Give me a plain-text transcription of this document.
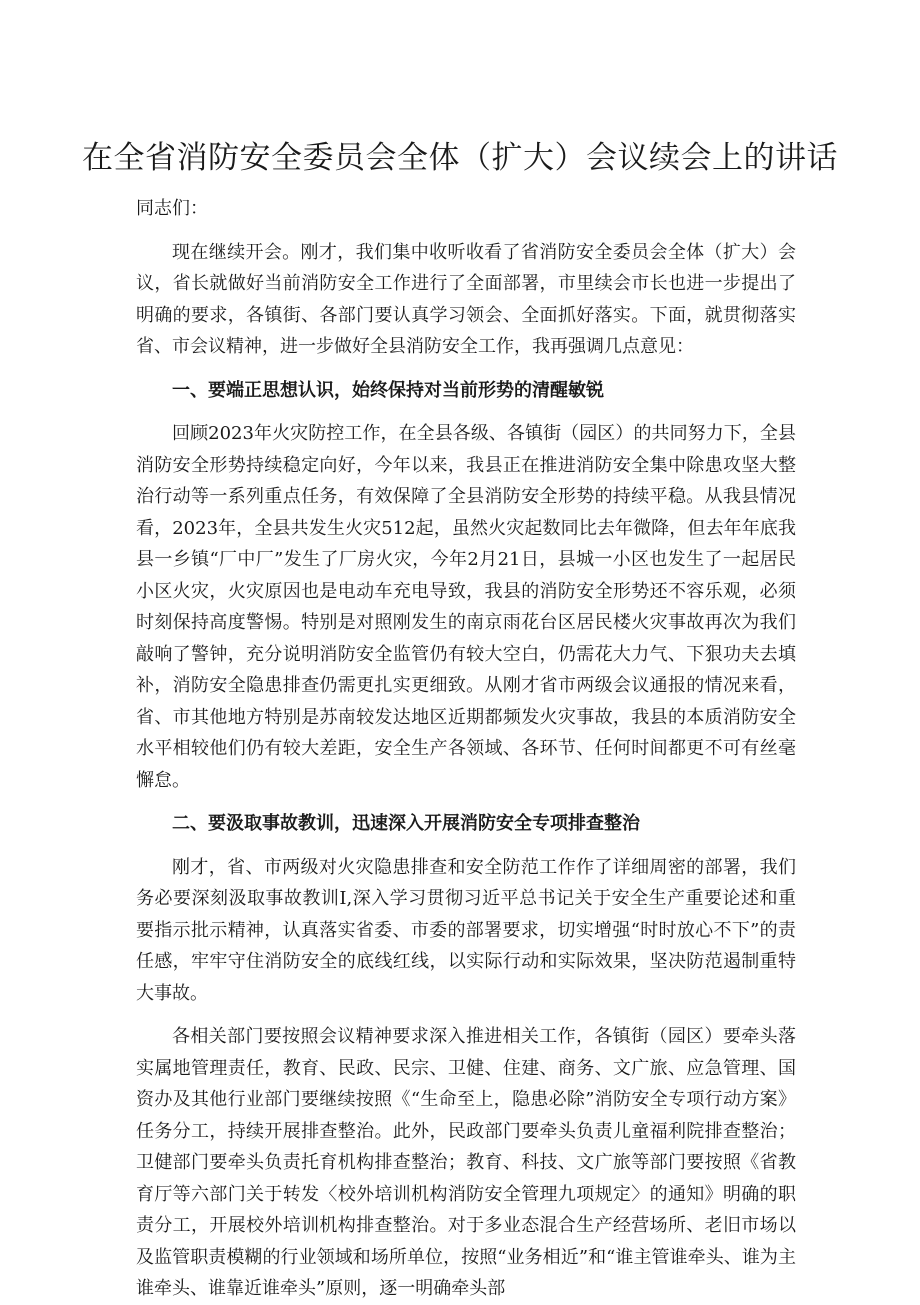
在全省消防安全委员会全体（扩大）会议续会上的讲话

同志们：

现在继续开会。刚才，我们集中收听收看了省消防安全委员会全体（扩大）会议，省长就做好当前消防安全工作进行了全面部署，市里续会市长也进一步提出了明确的要求，各镇街、各部门要认真学习领会、全面抓好落实。下面，就贯彻落实省、市会议精神，进一步做好全县消防安全工作，我再强调几点意见：

一、要端正思想认识，始终保持对当前形势的清醒敏锐

回顾2023年火灾防控工作，在全县各级、各镇街（园区）的共同努力下，全县消防安全形势持续稳定向好，今年以来，我县正在推进消防安全集中除患攻坚大整治行动等一系列重点任务，有效保障了全县消防安全形势的持续平稳。从我县情况看，2023年，全县共发生火灾512起，虽然火灾起数同比去年微降，但去年年底我县一乡镇“厂中厂”发生了厂房火灾，今年2月21日，县城一小区也发生了一起居民小区火灾，火灾原因也是电动车充电导致，我县的消防安全形势还不容乐观，必须时刻保持高度警惕。特别是对照刚发生的南京雨花台区居民楼火灾事故再次为我们敲响了警钟，充分说明消防安全监管仍有较大空白，仍需花大力气、下狠功夫去填补，消防安全隐患排查仍需更扎实更细致。从刚才省市两级会议通报的情况来看，省、市其他地方特别是苏南较发达地区近期都频发火灾事故，我县的本质消防安全水平相较他们仍有较大差距，安全生产各领域、各环节、任何时间都更不可有丝毫懈怠。

二、要汲取事故教训，迅速深入开展消防安全专项排查整治

刚才，省、市两级对火灾隐患排查和安全防范工作作了详细周密的部署，我们务必要深刻汲取事故教训I,深入学习贯彻习近平总书记关于安全生产重要论述和重要指示批示精神，认真落实省委、市委的部署要求，切实增强“时时放心不下”的责任感，牢牢守住消防安全的底线红线，以实际行动和实际效果，坚决防范遏制重特大事故。

各相关部门要按照会议精神要求深入推进相关工作，各镇街（园区）要牵头落实属地管理责任，教育、民政、民宗、卫健、住建、商务、文广旅、应急管理、国资办及其他行业部门要继续按照《“生命至上，隐患必除”消防安全专项行动方案》任务分工，持续开展排查整治。此外，民政部门要牵头负责儿童福利院排查整治；卫健部门要牵头负责托育机构排查整治；教育、科技、文广旅等部门要按照《省教育厅等六部门关于转发〈校外培训机构消防安全管理九项规定〉的通知》明确的职责分工，开展校外培训机构排查整治。对于多业态混合生产经营场所、老旧市场以及监管职责模糊的行业领域和场所单位，按照“业务相近”和“谁主管谁牵头、谁为主谁牵头、谁靠近谁牵头”原则，逐一明确牵头部
